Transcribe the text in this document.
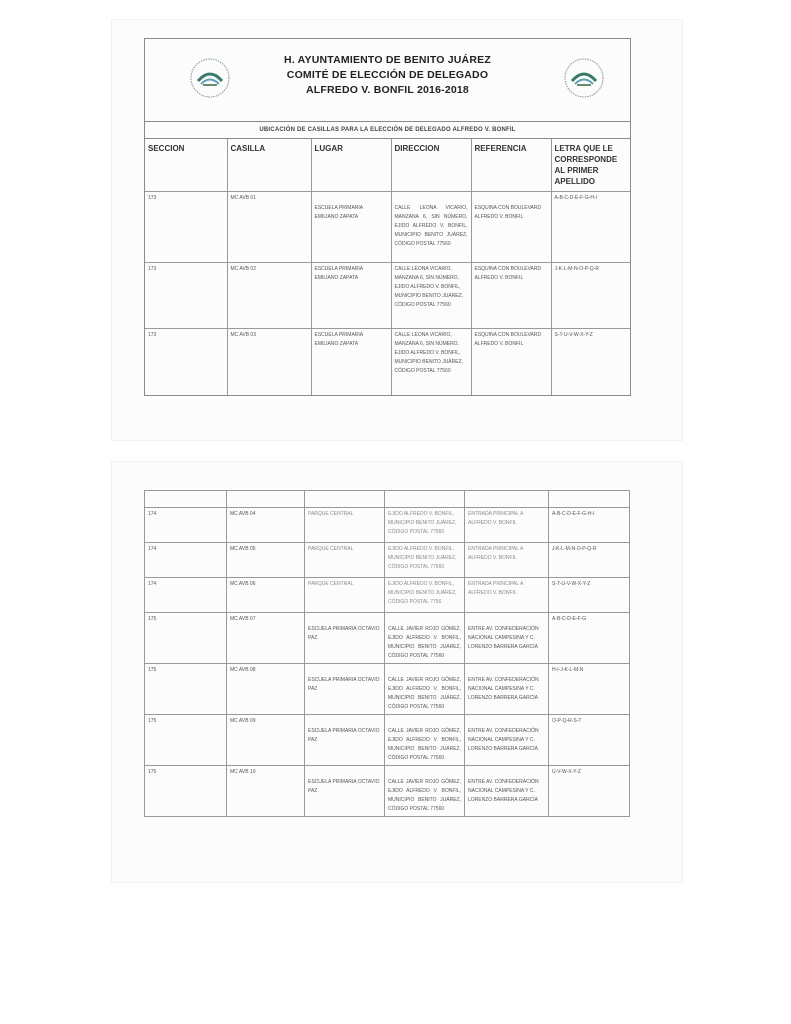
H. AYUNTAMIENTO DE BENITO JUÁREZ
COMITÉ DE ELECCIÓN DE DELEGADO
ALFREDO V. BONFIL 2016-2018
UBICACIÓN DE CASILLAS PARA LA ELECCIÓN DE DELEGADO ALFREDO V. BONFIL
SECCION	CASILLA	LUGAR	DIRECCION	REFERENCIA	LETRA QUE LE CORRESPONDE AL PRIMER APELLIDO
173	MC AVB 01	ESCUELA PRIMARIA EMILIANO ZAPATA	CALLE LEONA VICARIO, MANZANA 6, SIN NÚMERO, EJIDO ALFREDO V. BONFIL, MUNICIPIO BENITO JUÁREZ, CÓDIGO POSTAL 77560	ESQUINA CON BOULEVARD ALFREDO V. BONFIL	A-B-C-D-E-F-G-H-I
173	MC AVB 02	ESCUELA PRIMARIA EMILIANO ZAPATA	CALLE LEONA VICARIO, MANZANA 6, SIN NÚMERO, EJIDO ALFREDO V. BONFIL, MUNICIPIO BENITO JUÁREZ, CÓDIGO POSTAL 77560	ESQUINA CON BOULEVARD ALFREDO V. BONFIL	J-K-L-M-N-O-P-Q-R
173	MC AVB 03	ESCUELA PRIMARIA EMILIANO ZAPATA	CALLE LEONA VICARIO, MANZANA 6, SIN NÚMERO, EJIDO ALFREDO V. BONFIL, MUNICIPIO BENITO JUÁREZ, CÓDIGO POSTAL 77560	ESQUINA CON BOULEVARD ALFREDO V. BONFIL	S-T-U-V-W-X-Y-Z

174	MC AVB 04	PARQUE CENTRAL	EJIDO ALFREDO V. BONFIL, MUNICIPIO BENITO JUÁREZ, CÓDIGO POSTAL 77560	ENTRADA PRINCIPAL A ALFREDO V. BONFIL	A-B-C-D-E-F-G-H-I
174	MC AVB 05	PARQUE CENTRAL	EJIDO ALFREDO V. BONFIL, MUNICIPIO BENITO JUÁREZ, CÓDIGO POSTAL 77560	ENTRADA PRINCIPAL A ALFREDO V. BONFIL	J-K-L-M-N-O-P-Q-R
174	MC AVB 06	PARQUE CENTRAL	EJIDO ALFREDO V. BONFIL, MUNICIPIO BENITO JUÁREZ, CÓDIGO POSTAL 7756	ENTRADA PRINCIPAL A ALFREDO V. BONFIL	S-T-U-V-W-X-Y-Z
175	MC AVB 07	ESCUELA PRIMARIA OCTAVIO PAZ	CALLE JAVIER ROJO GÓMEZ, EJIDO ALFREDO V. BONFIL, MUNICIPIO BENITO JUÁREZ, CÓDIGO POSTAL 77560	ENTRE AV. CONFEDERACIÓN NACIONAL CAMPESINA Y C. LORENZO BARRERA GARCÍA	A-B-C-D-E-F-G
175	MC AVB 08	ESCUELA PRIMARIA OCTAVIO PAZ	CALLE JAVIER ROJO GÓMEZ, EJIDO ALFREDO V. BONFIL, MUNICIPIO BENITO JUÁREZ, CÓDIGO POSTAL 77560	ENTRE AV. CONFEDERACIÓN NACIONAL CAMPESINA Y C. LORENZO BARRERA GARCÍA	H-I-J-K-L-M-N
175	MC AVB 09	ESCUELA PRIMARIA OCTAVIO PAZ	CALLE JAVIER ROJO GÓMEZ, EJIDO ALFREDO V. BONFIL, MUNICIPIO BENITO JUÁREZ, CÓDIGO POSTAL 77560	ENTRE AV. CONFEDERACIÓN NACIONAL CAMPESINA Y C. LORENZO BARRERA GARCÍA	O-P-Q-R-S-T
175	MC AVB 10	ESCUELA PRIMARIA OCTAVIO PAZ	CALLE JAVIER ROJO GÓMEZ, EJIDO ALFREDO V. BONFIL, MUNICIPIO BENITO JUÁREZ, CÓDIGO POSTAL 77560	ENTRE AV. CONFEDERACIÓN NACIONAL CAMPESINA Y C. LORENZO BARRERA GARCÍA	U-V-W-X-Y-Z
